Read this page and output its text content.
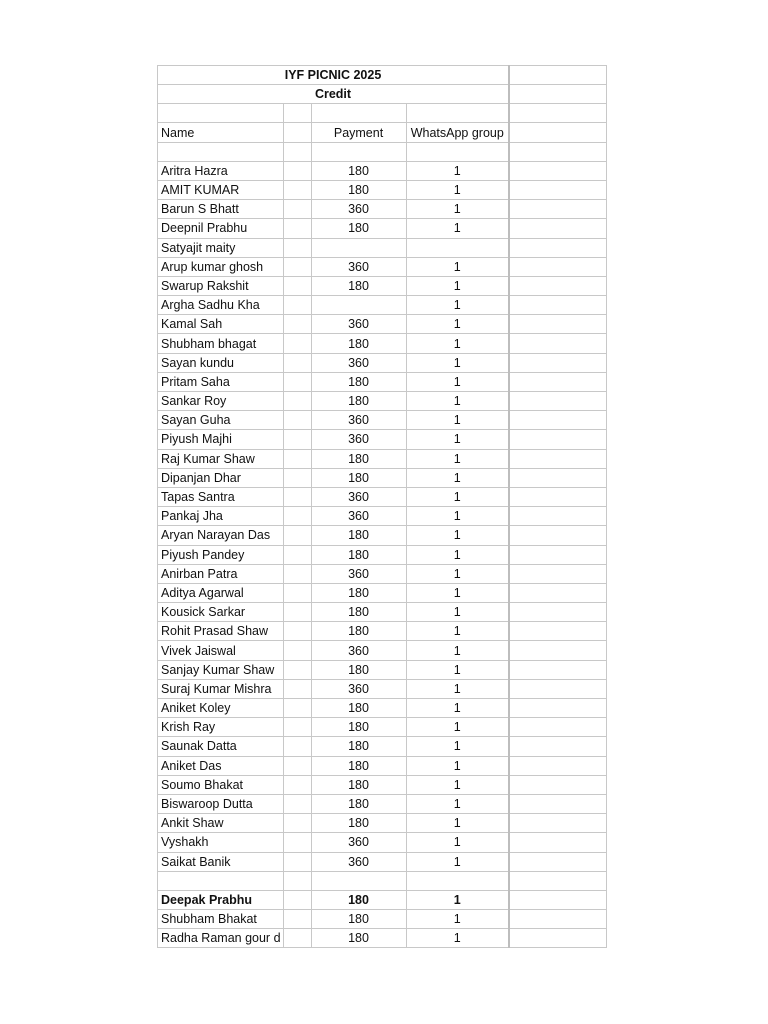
IYF PICNIC 2025				
Credit				

Name		Payment	WhatsApp group	

Aritra Hazra		180	1	
AMIT KUMAR		180	1	
Barun S Bhatt		360	1	
Deepnil Prabhu		180	1	
Satyajit maity				
Arup kumar ghosh		360	1	
Swarup Rakshit		180	1	
Argha Sadhu Kha			1	
Kamal Sah		360	1	
Shubham bhagat		180	1	
Sayan kundu		360	1	
Pritam Saha		180	1	
Sankar Roy		180	1	
Sayan Guha		360	1	
Piyush Majhi		360	1	
Raj Kumar Shaw		180	1	
Dipanjan Dhar		180	1	
Tapas Santra		360	1	
Pankaj Jha		360	1	
Aryan Narayan Das		180	1	
Piyush Pandey		180	1	
Anirban Patra		360	1	
Aditya Agarwal		180	1	
Kousick Sarkar		180	1	
Rohit Prasad Shaw		180	1	
Vivek Jaiswal		360	1	
Sanjay Kumar Shaw		180	1	
Suraj Kumar Mishra		360	1	
Aniket Koley		180	1	
Krish Ray		180	1	
Saunak Datta		180	1	
Aniket Das		180	1	
Soumo Bhakat		180	1	
Biswaroop Dutta		180	1	
Ankit Shaw		180	1	
Vyshakh		360	1	
Saikat Banik		360	1	

Deepak Prabhu		180	1	
Shubham Bhakat		180	1	
Radha Raman gour d		180	1	
